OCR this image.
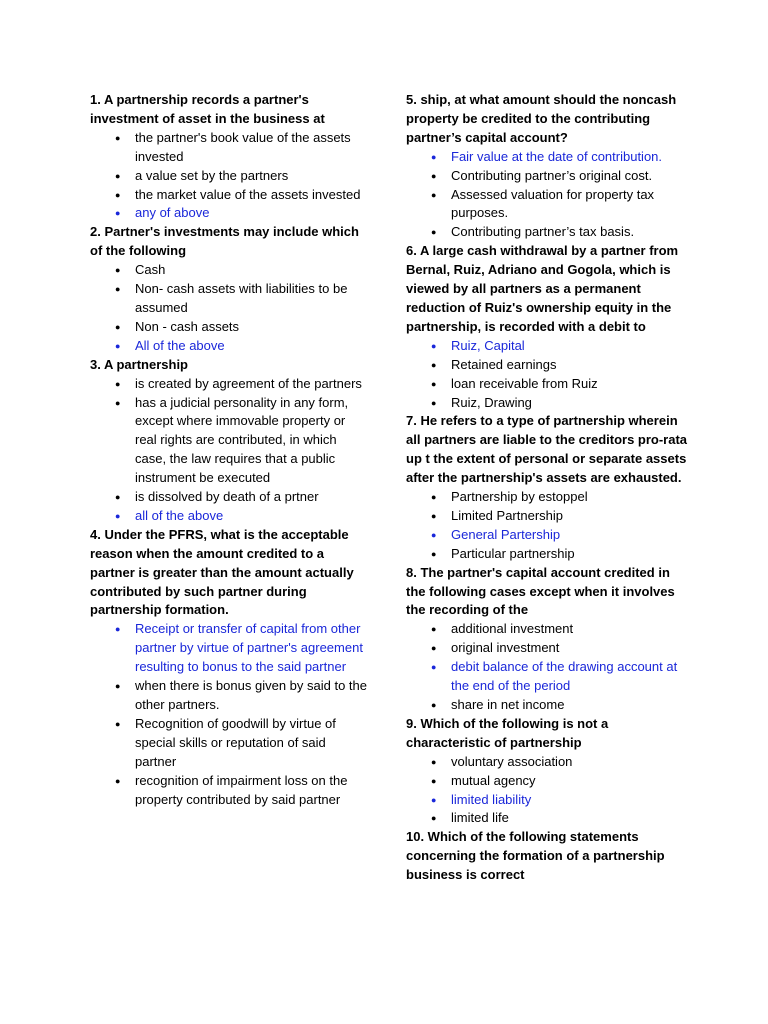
1. A partnership records a partner's investment of asset in the business at

● the partner's book value of the assets invested
● a value set by the partners
● the market value of the assets invested
● any of above

2. Partner's investments may include which of the following

● Cash
● Non- cash assets with liabilities to be assumed
● Non - cash assets
● All of the above

3. A partnership

● is created by agreement of the partners
● has a judicial personality in any form, except where immovable property or real rights are contributed, in which case, the law requires that a public instrument be executed
● is dissolved by death of a prtner
● all of the above

4. Under the PFRS, what is the acceptable reason when the amount credited to a partner is greater than the amount actually contributed by such partner during partnership formation.

● Receipt or transfer of capital from other partner by virtue of partner's agreement resulting to bonus to the said partner
● when there is bonus given by said to the other partners.
● Recognition of goodwill by virtue of special skills or reputation of said partner
● recognition of impairment loss on the property contributed by said partner

5. ship, at what amount should the noncash property be credited to the contributing partner’s capital account?

● Fair value at the date of contribution.
● Contributing partner’s original cost.
● Assessed valuation for property tax purposes.
● Contributing partner’s tax basis.

6. A large cash withdrawal by a partner from Bernal, Ruiz, Adriano and Gogola, which is viewed by all partners as a permanent reduction of Ruiz's ownership equity in the partnership, is recorded with a debit to

● Ruiz, Capital
● Retained earnings
● loan receivable from Ruiz
● Ruiz, Drawing

7. He refers to a type of partnership wherein all partners are liable to the creditors pro-rata up t the extent of personal or separate assets after the partnership's assets are exhausted.

● Partnership by estoppel
● Limited Partnership
● General Partership
● Particular partnership

8. The partner's capital account credited in the following cases except when it involves the recording of the

● additional investment
● original investment
● debit balance of the drawing account at the end of the period
● share in net income

9. Which of the following is not a characteristic of partnership

● voluntary association
● mutual agency
● limited liability
● limited life

10. Which of the following statements concerning the formation of a partnership business is correct
